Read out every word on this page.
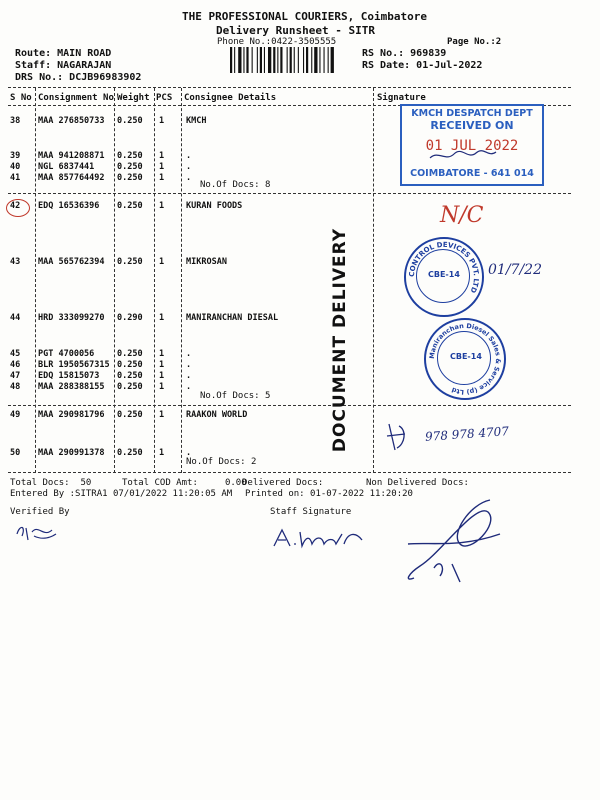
THE PROFESSIONAL COURIERS, Coimbatore
Delivery Runsheet - SITR
Phone No.:0422-3505555	Page No.:2
Route: MAIN ROAD
Staff: NAGARAJAN
DRS No.: DCJB96983902
RS No.: 969839
RS Date: 01-Jul-2022
S No Consignment No Weight PCS Consignee Details	Signature
38 MAA 276850733 0.250 1	KMCH
39 MAA 941208871 0.250 1	.
40 NGL 6837441	0.250 1	.
41 MAA 857764492 0.250 1	.
42 EDQ 16536396 0.250 1	KURAN FOODS
43 MAA 565762394 0.250 1	MIKROSAN
44 HRD 333099270 0.290 1	MANIRANCHAN DIESAL
45 PGT 4700056	0.250 1	.
46 BLR 1950567315 0.250 1	.
47 EDQ 15815073 0.250 1	.
48 MAA 288388155 0.250 1	.
49 MAA 290981796 0.250 1	RAAKON WORLD
50 MAA 290991378 0.250 1	.
No.Of Docs: 8
No.Of Docs: 5
No.Of Docs: 2
DOCUMENT DELIVERY
KMCH DESPATCH DEPT
RECEIVED ON
01 JUL 2022
COIMBATORE - 641 014
N/C
CONTROL DEVICES PVT. LTD
CBE-14 01/7/22
Maniranchan Diesel Sales & Service (p) Ltd
CBE-14
978 978 4707
Total Docs:  50	Total COD Amt:     0.00
Delivered Docs:	Non Delivered Docs:
Entered By :SITRA1 07/01/2022 11:20:05 AM Printed on: 01-07-2022 11:20:20
Verified By	Staff Signature
